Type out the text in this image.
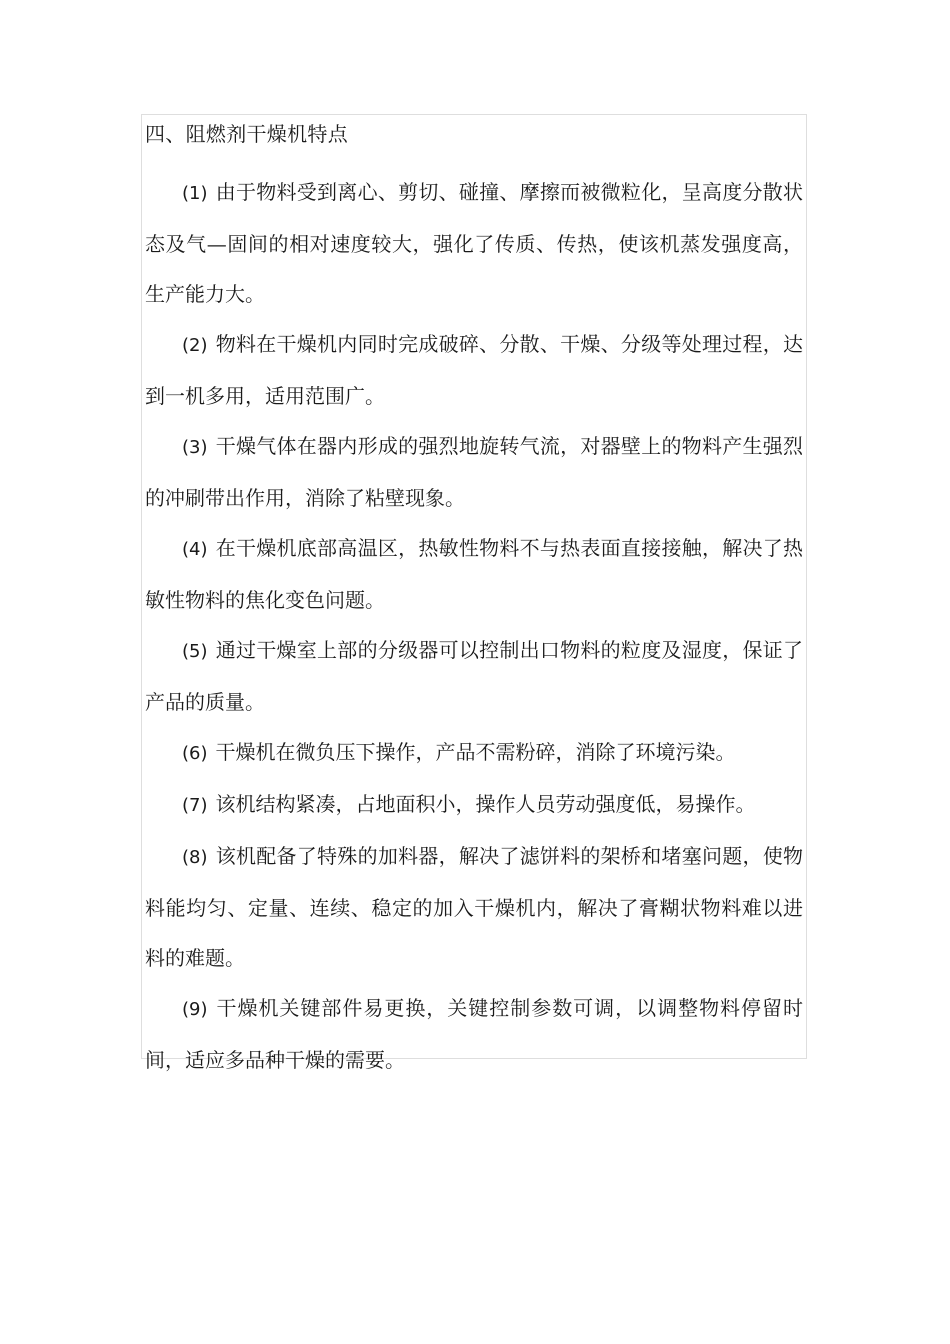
四、阻燃剂干燥机特点

(1) 由于物料受到离心、剪切、碰撞、摩擦而被微粒化，呈高度分散状态及气—固间的相对速度较大，强化了传质、传热，使该机蒸发强度高，生产能力大。

(2) 物料在干燥机内同时完成破碎、分散、干燥、分级等处理过程，达到一机多用，适用范围广。

(3) 干燥气体在器内形成的强烈地旋转气流，对器壁上的物料产生强烈的冲刷带出作用，消除了粘壁现象。

(4) 在干燥机底部高温区，热敏性物料不与热表面直接接触，解决了热敏性物料的焦化变色问题。

(5) 通过干燥室上部的分级器可以控制出口物料的粒度及湿度，保证了产品的质量。

(6) 干燥机在微负压下操作，产品不需粉碎，消除了环境污染。

(7) 该机结构紧凑，占地面积小，操作人员劳动强度低，易操作。

(8) 该机配备了特殊的加料器，解决了滤饼料的架桥和堵塞问题，使物料能均匀、定量、连续、稳定的加入干燥机内，解决了膏糊状物料难以进料的难题。

(9) 干燥机关键部件易更换，关键控制参数可调，以调整物料停留时间，适应多品种干燥的需要。
